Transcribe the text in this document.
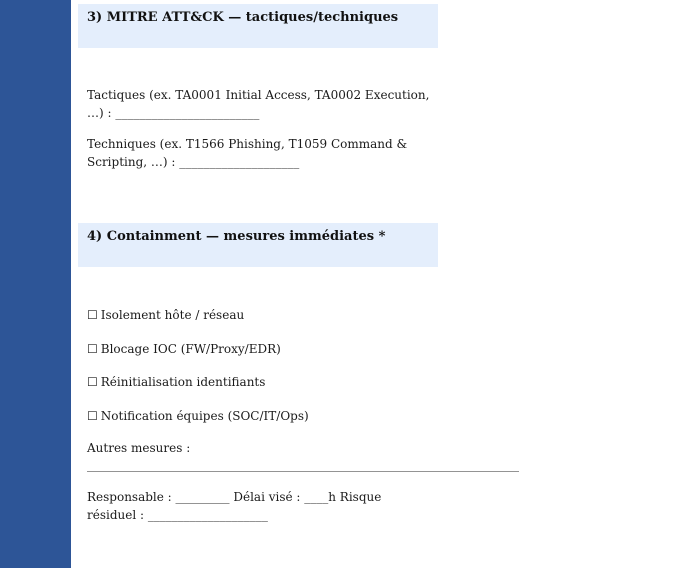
3) MITRE ATT&CK — tactiques/techniques
Tactiques (ex. TA0001 Initial Access, TA0002 Execution, …) : ________________________
Techniques (ex. T1566 Phishing, T1059 Command & Scripting, …) : ____________________
4) Containment — mesures immédiates *
☐ Isolement hôte / réseau
☐ Blocage IOC (FW/Proxy/EDR)
☐ Réinitialisation identifiants
☐ Notification équipes (SOC/IT/Ops)
Autres mesures :
________________________________________________________________________
Responsable : _________ Délai visé : ____h Risque résiduel : ____________________
